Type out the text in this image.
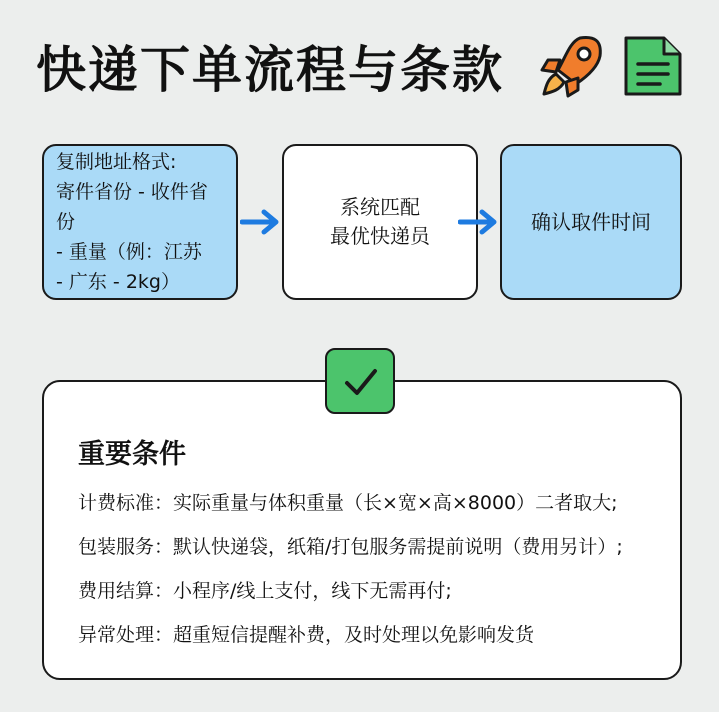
快递下单流程与条款
复制地址格式:
寄件省份 - 收件省份
- 重量（例：江苏
- 广东 - 2kg）
系统匹配
最优快递员
确认取件时间
重要条件
计费标准：实际重量与体积重量（长×宽×高×8000）二者取大;
包装服务：默认快递袋，纸箱/打包服务需提前说明（费用另计）;
费用结算：小程序/线上支付，线下无需再付;
异常处理：超重短信提醒补费，及时处理以免影响发货
